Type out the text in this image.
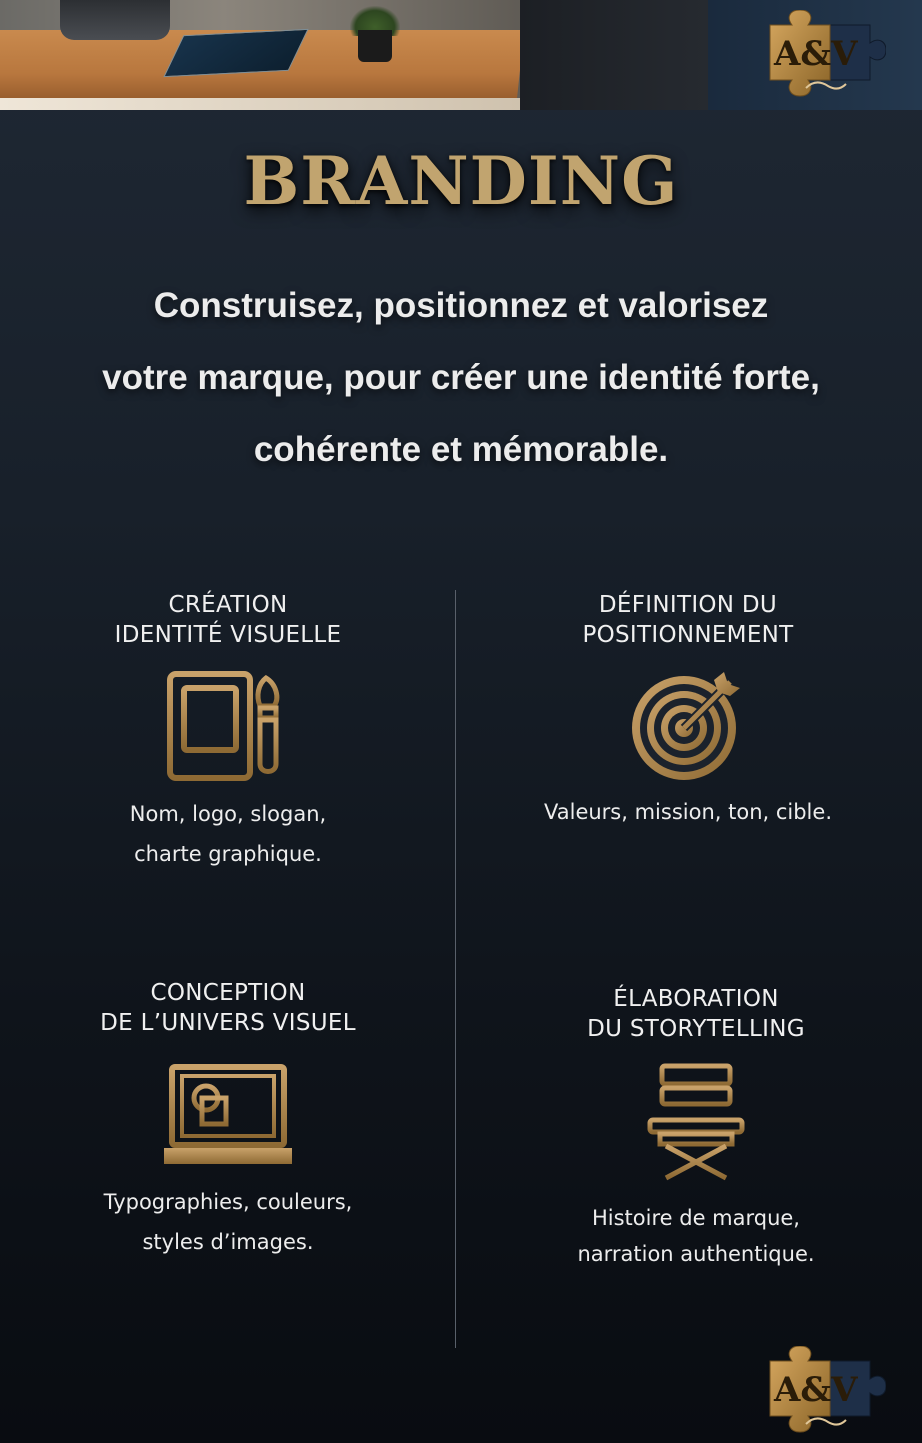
A&V
BRANDING
Construisez, positionnez et valorisez
votre marque, pour créer une identité forte,
cohérente et mémorable.
CRÉATION
IDENTITÉ VISUELLE
Nom, logo, slogan,
charte graphique.
DÉFINITION DU
POSITIONNEMENT
Valeurs, mission, ton, cible.
CONCEPTION
DE L’UNIVERS VISUEL
Typographies, couleurs,
styles d’images.
ÉLABORATION
DU STORYTELLING
Histoire de marque,
narration authentique.
A&V
